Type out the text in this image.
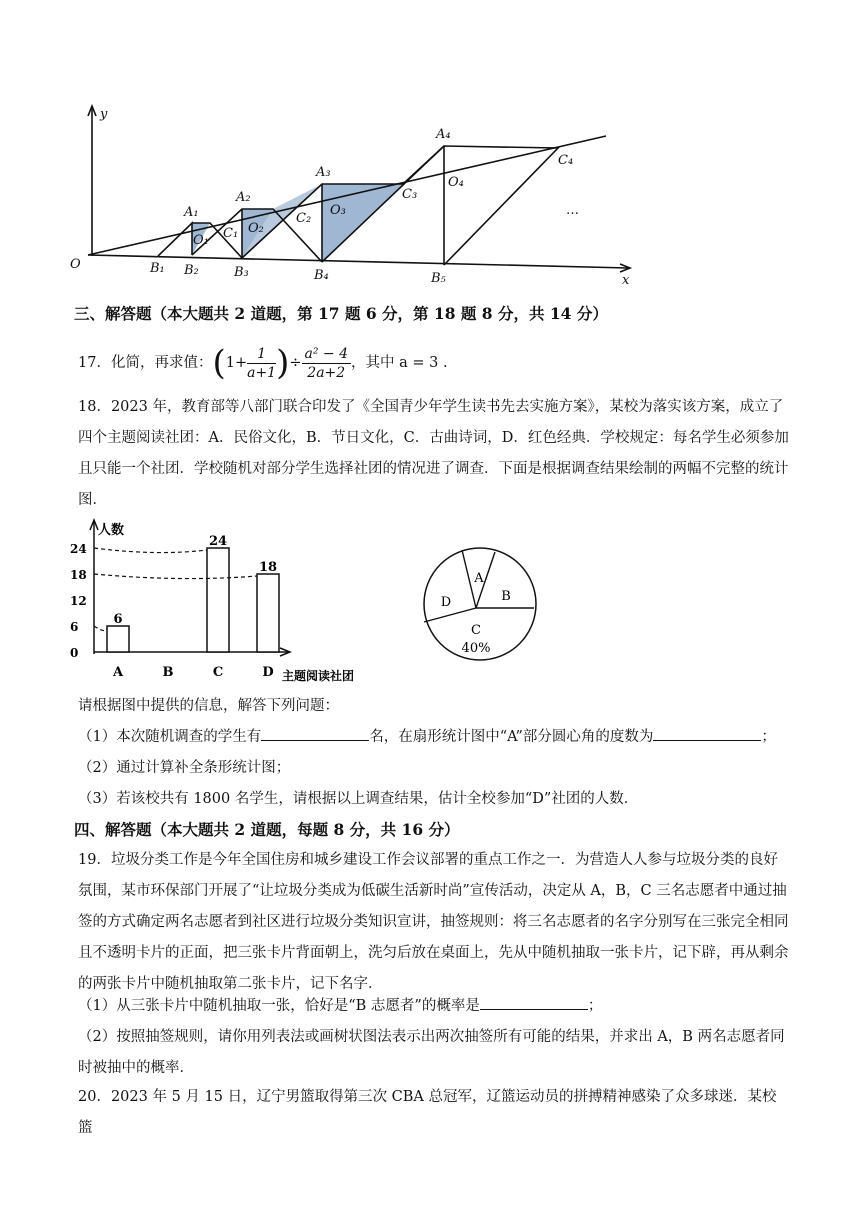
y
x
O	B₁ B₂	B₃	B₄	B₅
A₁
A₂
A₃
A₄
C₁
C₂
C₃
C₄
O₁
O₂
O₃
O₄
…
三、解答题（本大题共 2 道题，第 17 题 6 分，第 18 题 8 分，共 14 分）
17．化简，再求值：($1+ \frac{1}{a+1}$ )÷ $\frac{\text{a² − 4}}{2a+2}$ ，其中 a = 3 .
18．2023 年，教育部等八部门联合印发了《全国青少年学生读书先去实施方案》，某校为落实该方案，成立了四个主题阅读社团：A．民俗文化，B．节日文化，C．古曲诗词，D．红色经典．学校规定：每名学生必须参加且只能一个社团．学校随机对部分学生选择社团的情况进了调查．下面是根据调查结果绘制的两幅不完整的统计图．
人数
主题阅读社团
0
6
12
18
24
A
6
B	C
24
D
18
A
B
C
D
40%
请根据图中提供的信息，解答下列问题：
（1）本次随机调查的学生有	名，在扇形统计图中“A”部分圆心角的度数为	；
（2）通过计算补全条形统计图；
（3）若该校共有 1800 名学生，请根据以上调查结果，估计全校参加“D”社团的人数．
四、解答题（本大题共 2 道题，每题 8 分，共 16 分）
19．垃圾分类工作是今年全国住房和城乡建设工作会议部署的重点工作之一．为营造人人参与垃圾分类的良好氛围，某市环保部门开展了“让垃圾分类成为低碳生活新时尚”宣传活动，决定从 A，B，C 三名志愿者中通过抽签的方式确定两名志愿者到社区进行垃圾分类知识宣讲，抽签规则：将三名志愿者的名字分别写在三张完全相同且不透明卡片的正面，把三张卡片背面朝上，洗匀后放在桌面上，先从中随机抽取一张卡片，记下辟，再从剩余的两张卡片中随机抽取第二张卡片，记下名字．
（1）从三张卡片中随机抽取一张，恰好是“B 志愿者”的概率是	；
（2）按照抽签规则，请你用列表法或画树状图法表示出两次抽签所有可能的结果，并求出 A，B 两名志愿者同时被抽中的概率．
20．2023 年 5 月 15 日，辽宁男篮取得第三次 CBA 总冠军，辽篮运动员的拼搏精神感染了众多球迷．某校篮
